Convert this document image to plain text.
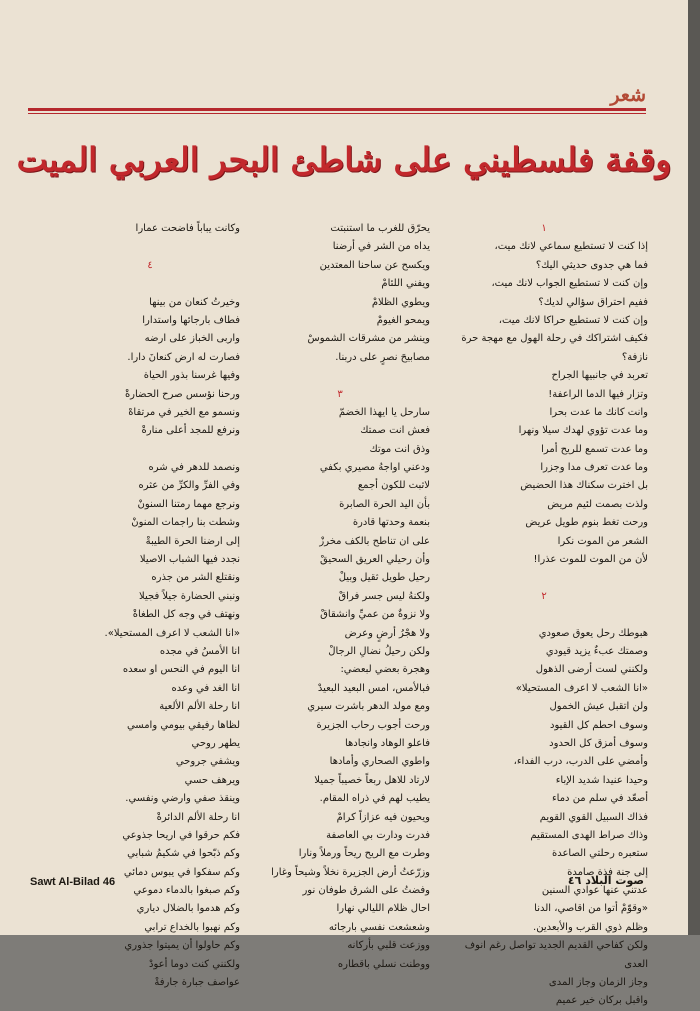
شعر
وقفة فلسطيني على شاطئ البحر العربي الميت
١
إذا كنت لا تستطيع سماعي لانك ميت،
فما هي جدوى حديثي اليك؟
وإن كنت لا تستطيع الجواب لانك ميت،
ففيم احتراق سؤالي لديك؟
وإن كنت لا تستطيع حراكا لانك ميت،
فكيف اشتراكك في رحلة الهول مع مهجة حرة
نازفة؟
تعربد في جانبيها الجراح
وتزار فيها الدما الراعفة!
وانت كانك ما عدت بحرا
وما عدت تؤوي لهدك سيلا ونهرا
وما عدت تسمع للريح أمرا
وما عدت تعرف مدا وجزرا
بل اخترت سكناك هذا الحضيض
ولذت بصمت لئيم مريض
ورحت تغط بنوم طويل عريض
الشعر من الموت نكرا
لأن من الموت للموت عذرا!
٢
هبوطك رحل يعوق صعودي
وصمتك عبءٌ يزيد قيودي
ولكنني لست أرضى الذهول
«انا الشعب لا اعرف المستحيلا»
ولن اتقبل عيش الخمول
وسوف احطم كل القيود
وسوف أمزق كل الحدود
وأمضي على الدرب، درب الفداء،
وحيدا عنيدا شديد الإباء
أصعّد في سلم من دماء
فذاك السبيل القوي القويم
وذاك صراط الهدى المستقيم
ستعبره رحلتي الصاعدة
إلى جنة فذة صامدة
عدتني عنها عوادي السنين
«وقوّمْ أتوا من اقاصي، الدنا
وظلم ذوي القرب والأبعدين.
ولكن كفاحي القديم الجديد تواصل رغم انوف
العدى
وجاز الزمان وجاز المدى
واقبل بركان خير عميم
يحرّق للغرب ما استنبتت
يداه من الشر في أرضنا
ويكسح عن ساحنا المعتدين
ويفني اللئامْ
ويطوي الظلامْ
ويمحو الغيومْ
وينشر من مشرقات الشموسْ
مصابيحَ نصرٍ على دربنا.
٣
سارحل يا ايهذا الخضمّ
فعش انت صمتك
وذق انت موتك
ودعني اواجهُ مصيري بكفي
لاثبت للكون أجمع
بأن اليد الحرة الصابرة
بنعمة وحدتها قادرة
على ان تناطح بالكف مخرزْ
وأن رحيلي العريق السحيقْ
رحيل طويل ثقيل وبيلْ
ولكنهُ ليس جسر فراقْ
ولا نزوةٌ من عميِّ وانشقاقْ
ولا هجْرُ أرضٍ وعرض
ولكن رحيلُ نضالِ الرجالْ
وهجرة بعضي لبعضي:
فبالأمس، امس البعيد البعيدْ
ومع مولد الدهر باشرت سيري
ورحت أجوب رحاب الجزيرة
فاعلو الوهاد وانجادها
واطوي الصحاري وأمادها
لارتاد للاهل ربعاً خصيباً جميلا
يطيب لهم في ذراه المقام.
ويحيون فيه عزازاً كرامْ
فدرت ودارت بي العاصفة
وطرت مع الريح ريحاً ورملاً ونارا
وزرّعتُ أرض الجزيرة نخلاً وشيحاً وغارا
وفضتُ على الشرق طوفان نور
احال ظلام الليالي نهارا
وشعشعت نفسي بارجائه
ووزعت قلبي بأركانه
ووطنت نسلي باقطاره
وكانت يباباً فاضحت عمارا
٤
وخيرتُ كنعان من بينها
فطاف بارجائها واستدارا
واربى الخباز على ارضه
فصارت له ارض كنعانَ دارا.
وفيها غرسنا بذور الحياة
ورحنا نؤسس صرح الحضارةْ
ونسمو مع الخير في مرتقاهْ
ونرفع للمجد أعلى منارةْ
ونصمد للدهر في شره
وفي الفرِّ والكرِّ من عثره
ونرجع مهما رمتنا السنونْ
وشطت بنا راجمات المنونْ
إلى ارضنا الحرة الطيبةْ
نجدد فيها الشباب الاصيلا
ونقتلع الشر من جذره
ونبني الحضارة جيلاً فجيلا
ونهتف في وجه كل الطغاةْ
«انا الشعب لا اعرف المستحيلا».
انا الأمسُ في مجده
انا اليوم في النحس او سعده
انا الغد في وعده
انا رحلة الألم الألعية
لظاها رفيقي بيومي وامسي
يطهر روحي
ويشفي جروحي
ويرهف حسي
وينقذ صفي وارضي ونفسي.
انا رحلة الألم الدائرةْ
فكم حرقوا في اريحا جذوعي
وكم ذبّحوا في شكيمُ شبابي
وكم سفكوا في يبوس دمائي
وكم صبغوا بالدماء دموعي
وكم هدموا بالضلال دياري
وكم نهبوا بالخداع ترابي
وكم حاولوا أن يميتوا جذوري
ولكنني كنت دوما أعودْ
عواصف جبارة جارفةْ
Sawt Al-Bilad 46	صوت البلاد ٤٦
